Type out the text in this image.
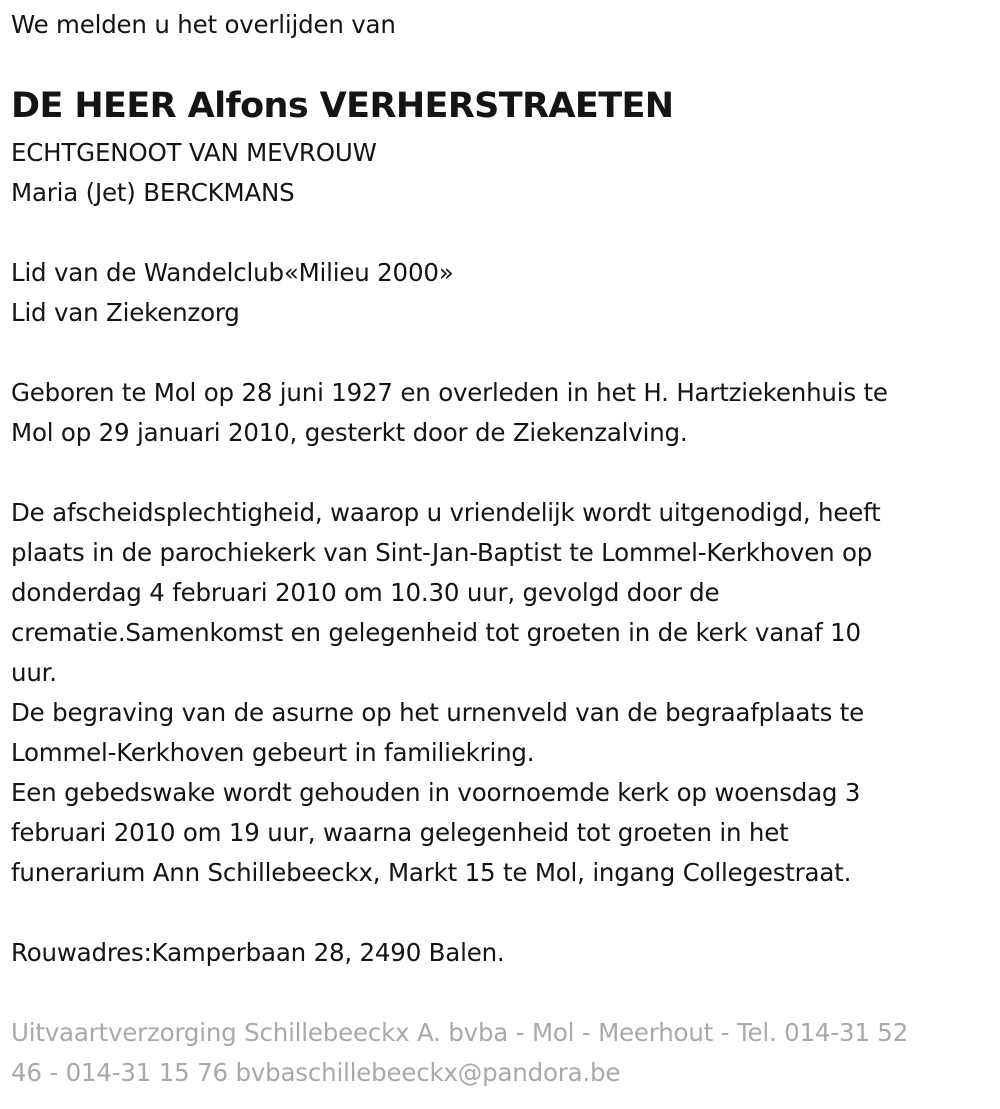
We melden u het overlijden van
DE HEER Alfons VERHERSTRAETEN
ECHTGENOOT VAN MEVROUW
Maria (Jet) BERCKMANS
Lid van de Wandelclub«Milieu 2000»
Lid van Ziekenzorg
Geboren te Mol op 28 juni 1927 en overleden in het H. Hartziekenhuis te
Mol op 29 januari 2010, gesterkt door de Ziekenzalving.
De afscheidsplechtigheid, waarop u vriendelijk wordt uitgenodigd, heeft
plaats in de parochiekerk van Sint-Jan-Baptist te Lommel-Kerkhoven op
donderdag 4 februari 2010 om 10.30 uur, gevolgd door de
crematie.Samenkomst en gelegenheid tot groeten in de kerk vanaf 10
uur.
De begraving van de asurne op het urnenveld van de begraafplaats te
Lommel-Kerkhoven gebeurt in familiekring.
Een gebedswake wordt gehouden in voornoemde kerk op woensdag 3
februari 2010 om 19 uur, waarna gelegenheid tot groeten in het
funerarium Ann Schillebeeckx, Markt 15 te Mol, ingang Collegestraat.
Rouwadres:Kamperbaan 28, 2490 Balen.
Uitvaartverzorging Schillebeeckx A. bvba - Mol - Meerhout - Tel. 014-31 52
46 - 014-31 15 76 bvbaschillebeeckx@pandora.be
